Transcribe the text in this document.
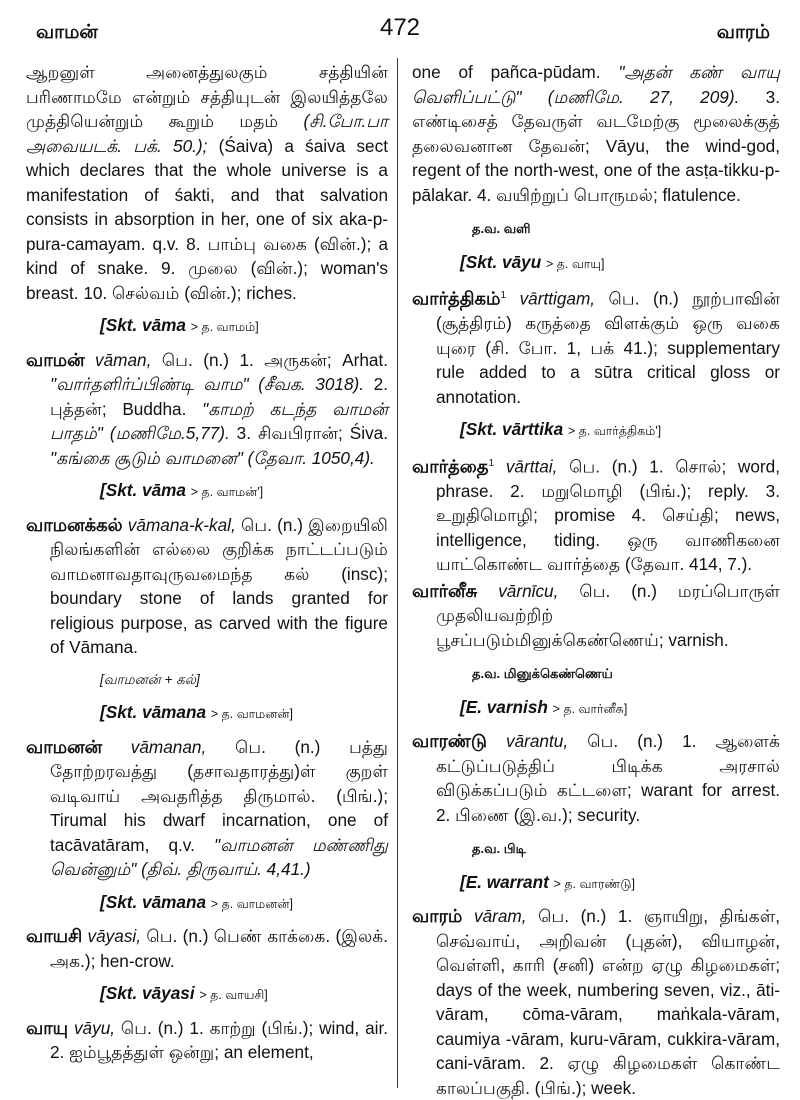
வாமன்	472	வாரம்

ஆறனுள் அனைத்துலகும் சத்தியின் பரிணாமமே என்றும் சத்தியுடன் இலயித்தலே முத்தியென்றும் கூறும் மதம் (சி.போ.பா அவையடக். பக். 50.); (Śaiva) a śaiva sect which declares that the whole universe is a manifestation of śakti, and that salvation consists in absorption in her, one of six aka-p-pura-camayam. q.v. 8. பாம்பு வகை (வின்.); a kind of snake. 9. முலை (வின்.); woman's breast. 10. செல்வம் (வின்.); riches.

[Skt. vāma > த. வாமம்]

வாமன் vāman, பெ. (n.) 1. அருகன்; Arhat. "வார்தளிர்ப்பிண்டி வாம" (சீவக. 3018). 2. புத்தன்; Buddha. "காமற் கடந்த வாமன் பாதம்" (மணிமே.5,77). 3. சிவபிரான்; Śiva. "கங்கை சூடும் வாமனை" (தேவா. 1050,4).

[Skt. vāma > த. வாமன்']

வாமனக்கல் vāmana-k-kal, பெ. (n.) இறையிலி நிலங்களின் எல்லை குறிக்க நாட்டப்படும் வாமனாவதாவுருவமைந்த கல் (insc); boundary stone of lands granted for religious purpose, as carved with the figure of Vāmana.

[வாமனன் + கல்]
[Skt. vāmana > த. வாமனன்]

வாமனன் vāmanan, பெ. (n.) பத்து தோற்றரவத்து (தசாவதாரத்து)ள் குறள் வடிவாய் அவதரித்த திருமால். (பிங்.); Tirumal his dwarf incarnation, one of tacāvatāram, q.v. "வாமனன் மண்ணிது வென்னும்" (திவ். திருவாய். 4,41.)

[Skt. vāmana > த. வாமனன்]

வாயசி vāyasi, பெ. (n.) பெண் காக்கை. (இலக். அக.); hen-crow.

[Skt. vāyasi > த. வாயசி]

வாயு vāyu, பெ. (n.) 1. காற்று (பிங்.); wind, air. 2. ஐம்பூதத்துள் ஒன்று; an element,

one of pañca-pūdam. "அதன் கண் வாயு வெளிப்பட்டு" (மணிமே. 27, 209). 3. எண்டிசைத் தேவருள் வடமேற்கு மூலைக்குத் தலைவனான தேவன்; Vāyu, the wind-god, regent of the north-west, one of the asṭa-tikku-p-pālakar. 4. வயிற்றுப் பொருமல்; flatulence.

த.வ. வளி
[Skt. vāyu > த. வாயு]

வார்த்திகம்$^1$ vārttigam, பெ. (n.) நூற்பாவின் (சூத்திரம்) கருத்தை விளக்கும் ஒரு வகை யுரை (சி. போ. 1, பக் 41.); supplementary rule added to a sūtra critical gloss or annotation.

[Skt. vārttika > த. வார்த்திகம்']

வார்த்தை$^1$ vārttai, பெ. (n.) 1. சொல்; word, phrase. 2. மறுமொழி (பிங்.); reply. 3. உறுதிமொழி; promise 4. செய்தி; news, intelligence, tiding. ஒரு வாணிகனை யாட்கொண்ட வார்த்தை (தேவா. 414, 7.).

வார்னீசு vārnīcu, பெ. (n.) மரப்பொருள் முதலியவற்றிற் பூசப்படும்மினுக்கெண்ணெய்; varnish.

த.வ. மினுக்கெண்ணெய்
[E. varnish > த. வார்னீசு]

வாரண்டு vārantu, பெ. (n.) 1. ஆளைக் கட்டுப்படுத்திப் பிடிக்க அரசால் விடுக்கப்படும் கட்டளை; warant for arrest. 2. பிணை (இ.வ.); security.

த.வ. பிடி
[E. warrant > த. வாரண்டு]

வாரம் vāram, பெ. (n.) 1. ஞாயிறு, திங்கள், செவ்வாய், அறிவன் (புதன்), வியாழன், வெள்ளி, காரி (சனி) என்ற ஏழு கிழமைகள்; days of the week, numbering seven, viz., āti-vāram, cōma-vāram, maṅkala-vāram, caumiya -vāram, kuru-vāram, cukkira-vāram, cani-vāram. 2. ஏழு கிழமைகள் கொண்ட காலப்பகுதி. (பிங்.); week.
